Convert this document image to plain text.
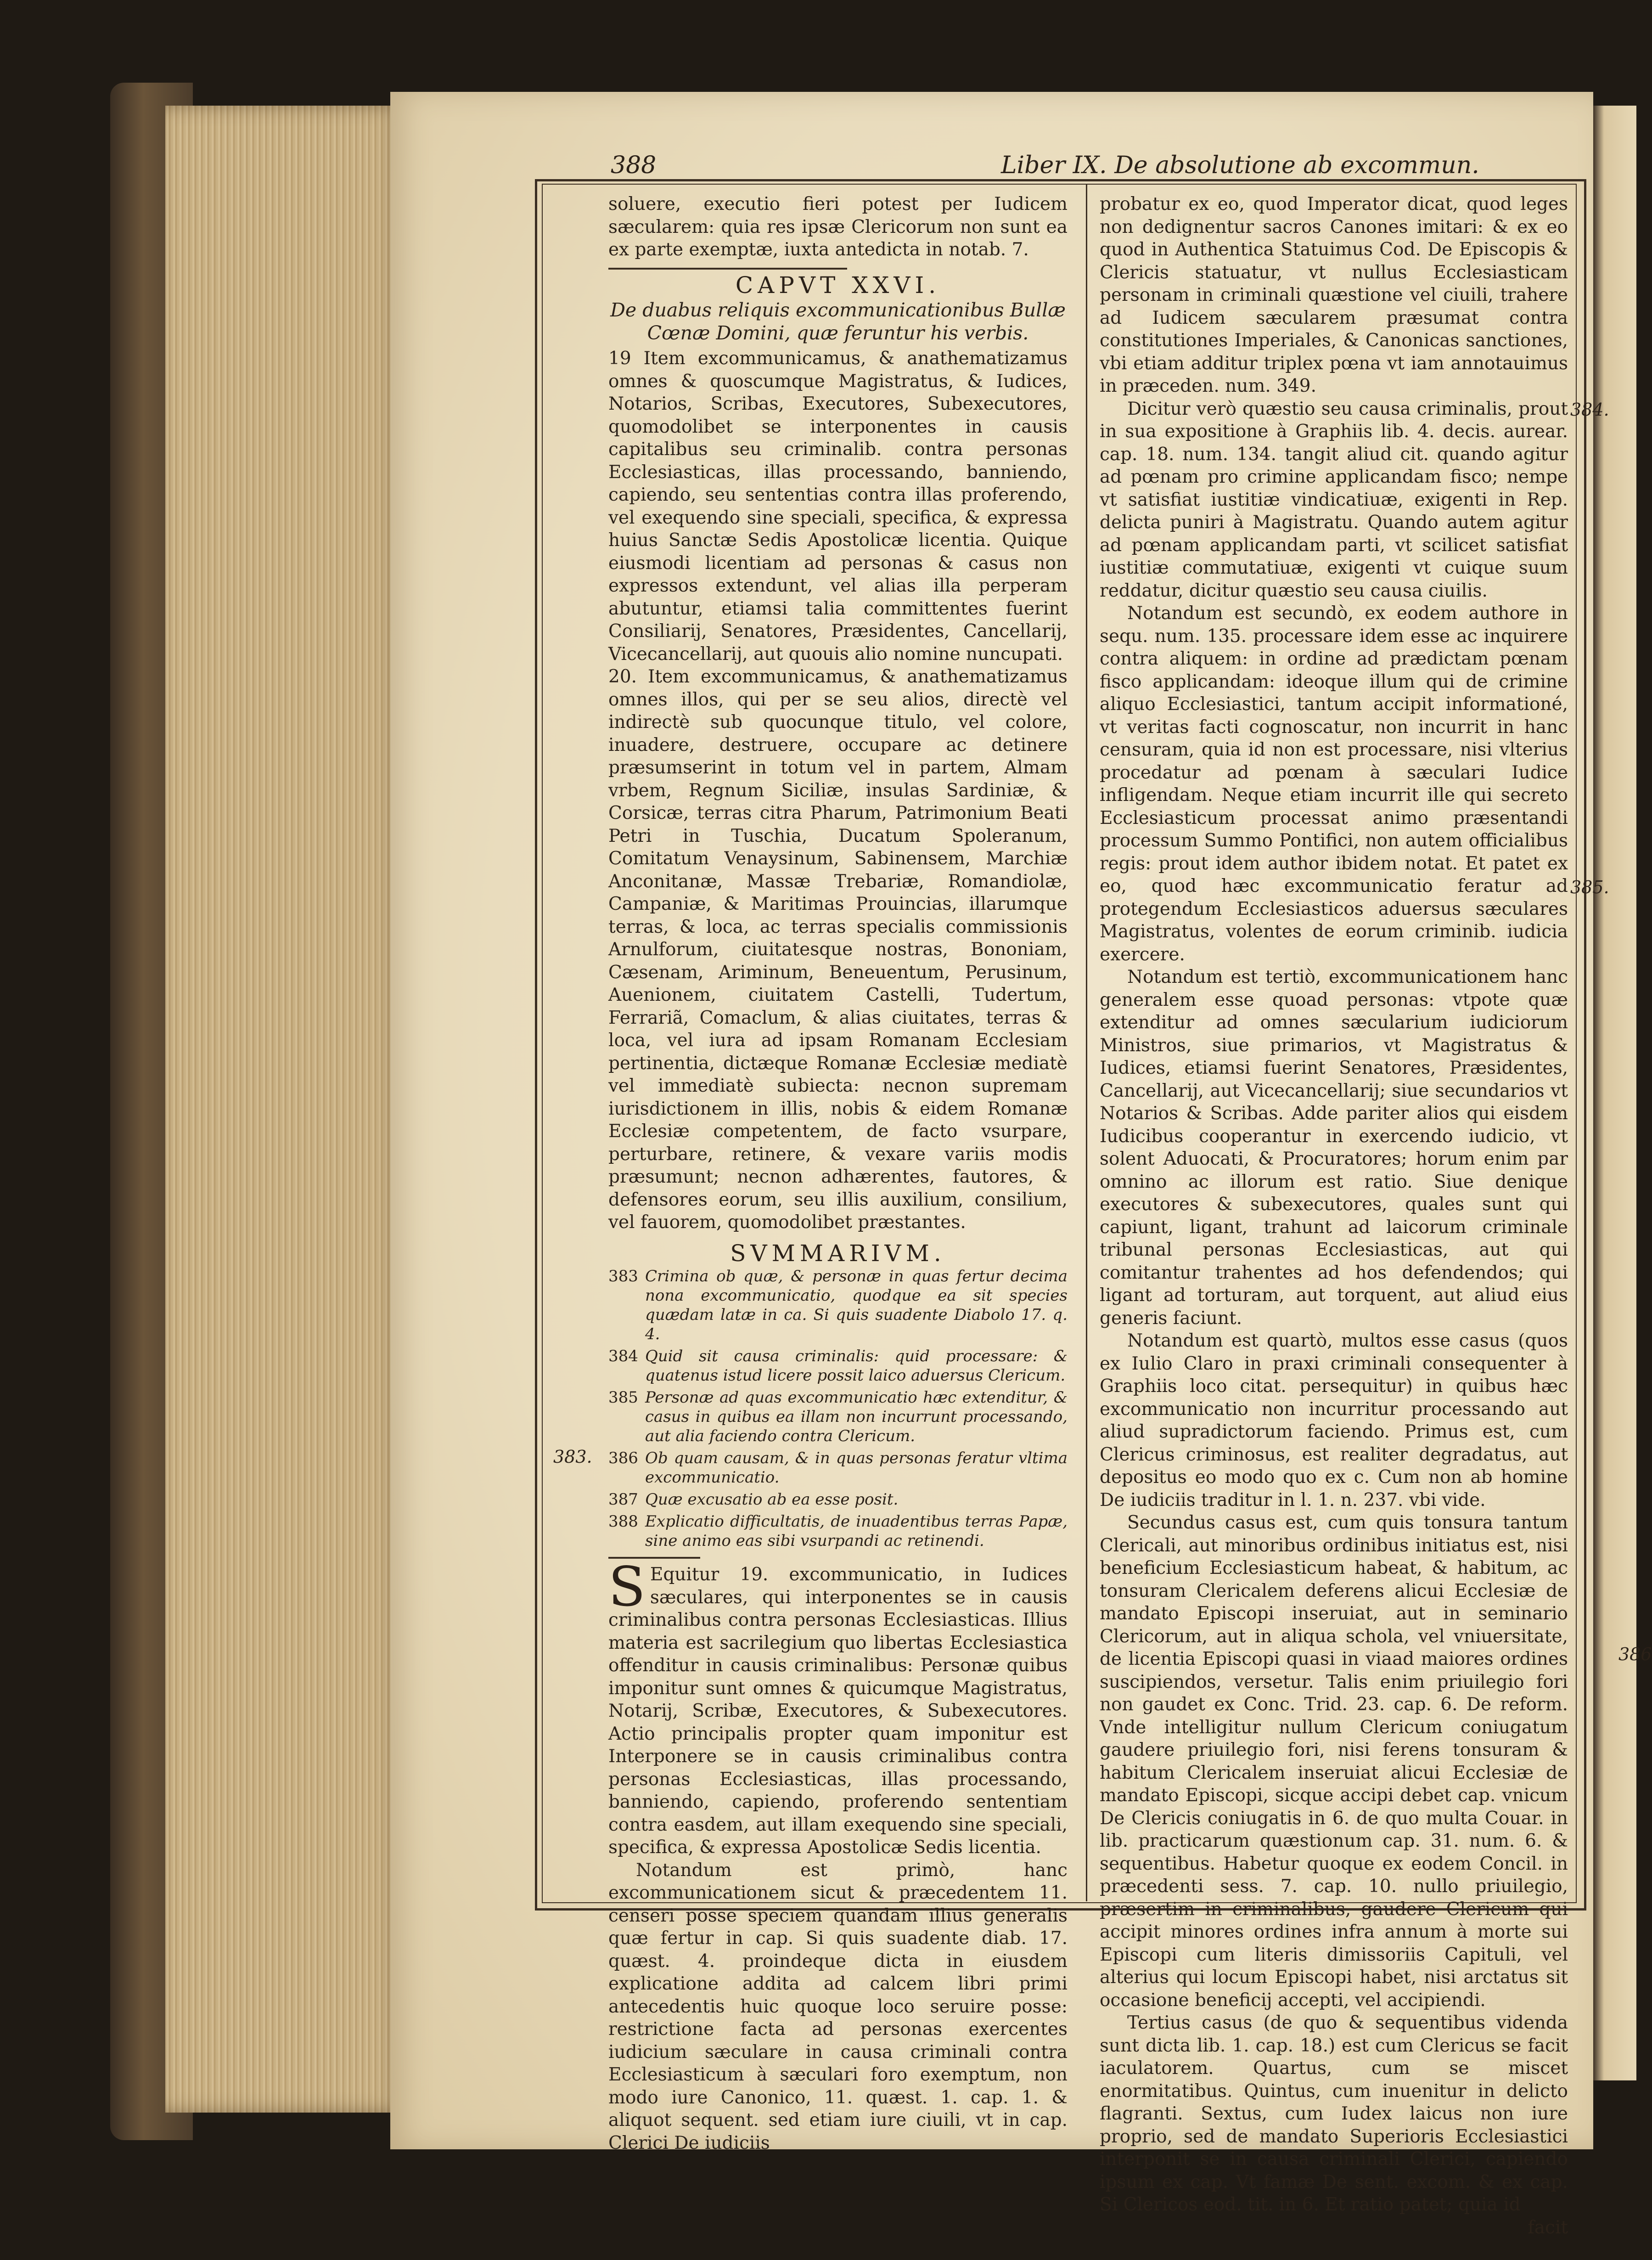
386
388	Liber IX. De absolutione ab excommun.
383.
384.
385.

soluere, executio fieri potest per Iudicem sæcularem: quia res ipsæ Clericorum non sunt ea ex parte exemptæ, iuxta antedicta in notab. 7.

CAPVT XXVI.
De duabus reliquis excommunicationibus Bullæ Cœnæ Domini, quæ feruntur his verbis.

19 Item excommunicamus, & anathematizamus omnes & quoscumque Magistratus, & Iudices, Notarios, Scribas, Executores, Subexecutores, quomodolibet se interponentes in causis capitalibus seu criminalib. contra personas Ecclesiasticas, illas processando, banniendo, capiendo, seu sententias contra illas proferendo, vel exequendo sine speciali, specifica, & expressa huius Sanctæ Sedis Apostolicæ licentia. Quique eiusmodi licentiam ad personas & casus non expressos extendunt, vel alias illa perperam abutuntur, etiamsi talia committentes fuerint Consiliarij, Senatores, Præsidentes, Cancellarij, Vicecancellarij, aut quouis alio nomine nuncupati.

20. Item excommunicamus, & anathematizamus omnes illos, qui per se seu alios, directè vel indirectè sub quocunque titulo, vel colore, inuadere, destruere, occupare ac detinere præsumserint in totum vel in partem, Almam vrbem, Regnum Siciliæ, insulas Sardiniæ, & Corsicæ, terras citra Pharum, Patrimonium Beati Petri in Tuschia, Ducatum Spoleranum, Comitatum Venaysinum, Sabinensem, Marchiæ Anconitanæ, Massæ Trebariæ, Romandiolæ, Campaniæ, & Maritimas Prouincias, illarumque terras, & loca, ac terras specialis commissionis Arnulforum, ciuitatesque nostras, Bononiam, Cæsenam, Ariminum, Beneuentum, Perusinum, Auenionem, ciuitatem Castelli, Tudertum, Ferrariã, Comaclum, & alias ciuitates, terras & loca, vel iura ad ipsam Romanam Ecclesiam pertinentia, dictæque Romanæ Ecclesiæ mediatè vel immediatè subiecta: necnon supremam iurisdictionem in illis, nobis & eidem Romanæ Ecclesiæ competentem, de facto vsurpare, perturbare, retinere, & vexare variis modis præsumunt; necnon adhærentes, fautores, & defensores eorum, seu illis auxilium, consilium, vel fauorem, quomodolibet præstantes.

SVMMARIVM.
383 Crimina ob quæ, & personæ in quas fertur decima nona excommunicatio, quodque ea sit species quædam latæ in ca. Si quis suadente Diabolo 17. q. 4.
384 Quid sit causa criminalis: quid processare: & quatenus istud licere possit laico aduersus Clericum.
385 Personæ ad quas excommunicatio hæc extenditur, & casus in quibus ea illam non incurrunt processando, aut alia faciendo contra Clericum.
386 Ob quam causam, & in quas personas feratur vltima excommunicatio.
387 Quæ excusatio ab ea esse posit.
388 Explicatio difficultatis, de inuadentibus terras Papæ, sine animo eas sibi vsurpandi ac retinendi.

S Equitur 19. excommunicatio, in Iudices sæculares, qui interponentes se in causis criminalibus contra personas Ecclesiasticas. Illius materia est sacrilegium quo libertas Ecclesiastica offenditur in causis criminalibus: Personæ quibus imponitur sunt omnes & quicumque Magistratus, Notarij, Scribæ, Executores, & Subexecutores. Actio principalis propter quam imponitur est Interponere se in causis criminalibus contra personas Ecclesiasticas, illas processando, banniendo, capiendo, proferendo sententiam contra easdem, aut illam exequendo sine speciali, specifica, & expressa Apostolicæ Sedis licentia.

Notandum est primò, hanc excommunicationem sicut & præcedentem 11. censeri posse speciem quandam illius generalis quæ fertur in cap. Si quis suadente diab. 17. quæst. 4. proindeque dicta in eiusdem explicatione addita ad calcem libri primi antecedentis huic quoque loco seruire posse: restrictione facta ad personas exercentes iudicium sæculare in causa criminali contra Ecclesiasticum à sæculari foro exemptum, non modo iure Canonico, 11. quæst. 1. cap. 1. & aliquot sequent. sed etiam iure ciuili, vt in cap. Clerici De iudiciis

probatur ex eo, quod Imperator dicat, quod leges non dedignentur sacros Canones imitari: & ex eo quod in Authentica Statuimus Cod. De Episcopis & Clericis statuatur, vt nullus Ecclesiasticam personam in criminali quæstione vel ciuili, trahere ad Iudicem sæcularem præsumat contra constitutiones Imperiales, & Canonicas sanctiones, vbi etiam additur triplex pœna vt iam annotauimus in præceden. num. 349.

Dicitur verò quæstio seu causa criminalis, prout in sua expositione à Graphiis lib. 4. decis. aurear. cap. 18. num. 134. tangit aliud cit. quando agitur ad pœnam pro crimine applicandam fisco; nempe vt satisfiat iustitiæ vindicatiuæ, exigenti in Rep. delicta puniri à Magistratu. Quando autem agitur ad pœnam applicandam parti, vt scilicet satisfiat iustitiæ commutatiuæ, exigenti vt cuique suum reddatur, dicitur quæstio seu causa ciuilis.

Notandum est secundò, ex eodem authore in sequ. num. 135. processare idem esse ac inquirere contra aliquem: in ordine ad prædictam pœnam fisco applicandam: ideoque illum qui de crimine aliquo Ecclesiastici, tantum accipit informationé, vt veritas facti cognoscatur, non incurrit in hanc censuram, quia id non est processare, nisi vlterius procedatur ad pœnam à sæculari Iudice infligendam. Neque etiam incurrit ille qui secreto Ecclesiasticum processat animo præsentandi processum Summo Pontifici, non autem officialibus regis: prout idem author ibidem notat. Et patet ex eo, quod hæc excommunicatio feratur ad protegendum Ecclesiasticos aduersus sæculares Magistratus, volentes de eorum criminib. iudicia exercere.

Notandum est tertiò, excommunicationem hanc generalem esse quoad personas: vtpote quæ extenditur ad omnes sæcularium iudiciorum Ministros, siue primarios, vt Magistratus & Iudices, etiamsi fuerint Senatores, Præsidentes, Cancellarij, aut Vicecancellarij; siue secundarios vt Notarios & Scribas. Adde pariter alios qui eisdem Iudicibus cooperantur in exercendo iudicio, vt solent Aduocati, & Procuratores; horum enim par omnino ac illorum est ratio. Siue denique executores & subexecutores, quales sunt qui capiunt, ligant, trahunt ad laicorum criminale tribunal personas Ecclesiasticas, aut qui comitantur trahentes ad hos defendendos; qui ligant ad torturam, aut torquent, aut aliud eius generis faciunt.

Notandum est quartò, multos esse casus (quos ex Iulio Claro in praxi criminali consequenter à Graphiis loco citat. persequitur) in quibus hæc excommunicatio non incurritur processando aut aliud supradictorum faciendo. Primus est, cum Clericus criminosus, est realiter degradatus, aut depositus eo modo quo ex c. Cum non ab homine De iudiciis traditur in l. 1. n. 237. vbi vide.

Secundus casus est, cum quis tonsura tantum Clericali, aut minoribus ordinibus initiatus est, nisi beneficium Ecclesiasticum habeat, & habitum, ac tonsuram Clericalem deferens alicui Ecclesiæ de mandato Episcopi inseruiat, aut in seminario Clericorum, aut in aliqua schola, vel vniuersitate, de licentia Episcopi quasi in viaad maiores ordines suscipiendos, versetur. Talis enim priuilegio fori non gaudet ex Conc. Trid. 23. cap. 6. De reform. Vnde intelligitur nullum Clericum coniugatum gaudere priuilegio fori, nisi ferens tonsuram & habitum Clericalem inseruiat alicui Ecclesiæ de mandato Episcopi, sicque accipi debet cap. vnicum De Clericis coniugatis in 6. de quo multa Couar. in lib. practicarum quæstionum cap. 31. num. 6. & sequentibus. Habetur quoque ex eodem Concil. in præcedenti sess. 7. cap. 10. nullo priuilegio, præsertim in criminalibus, gaudere Clericum qui accipit minores ordines infra annum à morte sui Episcopi cum literis dimissoriis Capituli, vel alterius qui locum Episcopi habet, nisi arctatus sit occasione beneficij accepti, vel accipiendi.

Tertius casus (de quo & sequentibus videnda sunt dicta lib. 1. cap. 18.) est cum Clericus se facit iaculatorem. Quartus, cum se miscet enormitatibus. Quintus, cum inuenitur in delicto flagranti. Sextus, cum Iudex laicus non iure proprio, sed de mandato Superioris Ecclesiastici interponit se in causa criminali Clerici, capiendo ipsum ex cap. Vt famæ De sent. excom. & ex cap. Si Clericos eod. tit. in 6. Et ratio patet; quia id

facit
